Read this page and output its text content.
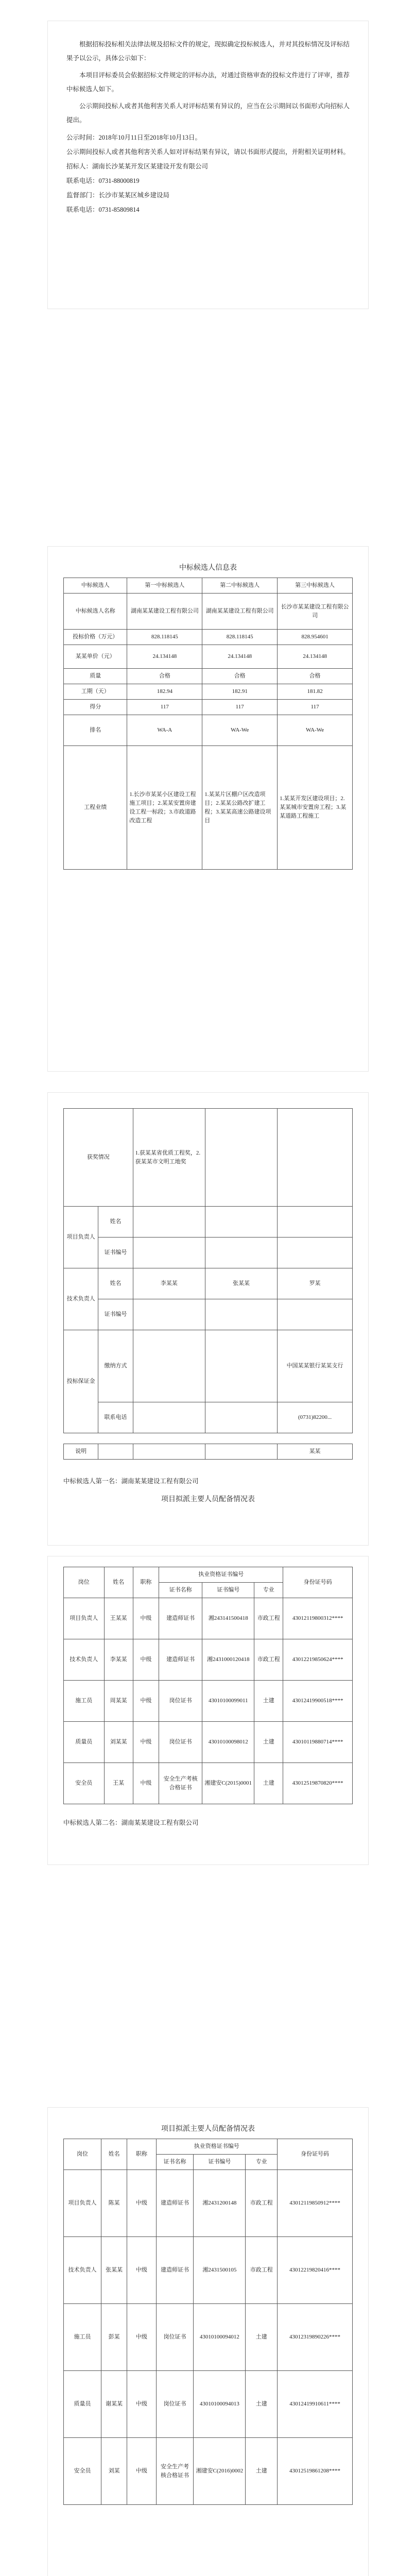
根据招标投标相关法律法规及招标文件的规定，现拟确定投标候选人，并对其投标情况及评标结果予以公示，具体公示如下：

本项目评标委员会依据招标文件规定的评标办法，对通过资格审查的投标文件进行了评审，推荐中标候选人如下。

公示期间投标人或者其他利害关系人对评标结果有异议的，应当在公示期间以书面形式向招标人提出。

公示时间：2018年10月11日至2018年10月13日。

公示期间投标人或者其他利害关系人如对评标结果有异议，请以书面形式提出，并附相关证明材料。

招标人：湖南长沙某某开发区某建设开发有限公司

联系电话：0731-88000819

监督部门：长沙市某某区城乡建设局

联系电话：0731-85809814

中标候选人信息表

中标候选人	第一中标候选人	第二中标候选人	第三中标候选人
中标候选人名称	湖南某某建设工程有限公司	湖南某某建设工程有限公司	长沙市某某建设工程有限公司
投标价格（万元）	828.118145	828.118145	828.954601
某某单价（元）	24.134148	24.134148	24.134148
质量	合格	合格	合格
工期（天）	182.94	182.91	181.82
得分	117	117	117
排名	WA-A	WA-We	WA-We
工程业绩	1.长沙市某某小区建设工程施工项目；2.某某安置房建设工程一标段；3.市政道路改造工程	1.某某片区棚户区改造项目；2.某某公路改扩建工程；3.某某高速公路建设项目	1.某某开发区建设项目；2.某某城市安置房工程；3.某某道路工程施工
获奖情况		1.获某某省优质工程奖，2.获某某市文明工地奖		
项目负责人	姓名			
	证书编号			
技术负责人	姓名	李某某	张某某	罗某
	证书编号			
投标保证金	缴纳方式			中国某某银行某某支行
	联系电话			(0731)82200...
说明				某某

中标候选人第一名：湖南某某建设工程有限公司

项目拟派主要人员配备情况表

岗位	姓名	职称	执业资格证书编号			身份证号码
			证书名称	证书编号	专业	
项目负责人	王某某	中级	建造师证书	湘243141500418	市政工程	43012119800312****
技术负责人	李某某	中级	建造师证书	湘2431000120418	市政工程	43012219850624****
施工员	周某某	中级	岗位证书	43010100099011	土建	43012419900518****
质量员	刘某某	中级	岗位证书	43010100098012	土建	43010119880714****
安全员	王某	中级	安全生产考核合格证书	湘建安C(2015)0001	土建	43012519870820****

中标候选人第二名：湖南某某建设工程有限公司

项目拟派主要人员配备情况表

岗位	姓名	职称	执业资格证书编号			身份证号码
			证书名称	证书编号	专业	
项目负责人	陈某	中级	建造师证书	湘2431200148	市政工程	43012119850912****
技术负责人	张某某	中级	建造师证书	湘2431500105	市政工程	43012219820416****
施工员	彭某	中级	岗位证书	43010100094012	土建	43012319890226****
质量员	谢某某	中级	岗位证书	43010100094013	土建	43012419910611****
安全员	刘某	中级	安全生产考核合格证书	湘建安C(2016)0002	土建	43012519861208****
